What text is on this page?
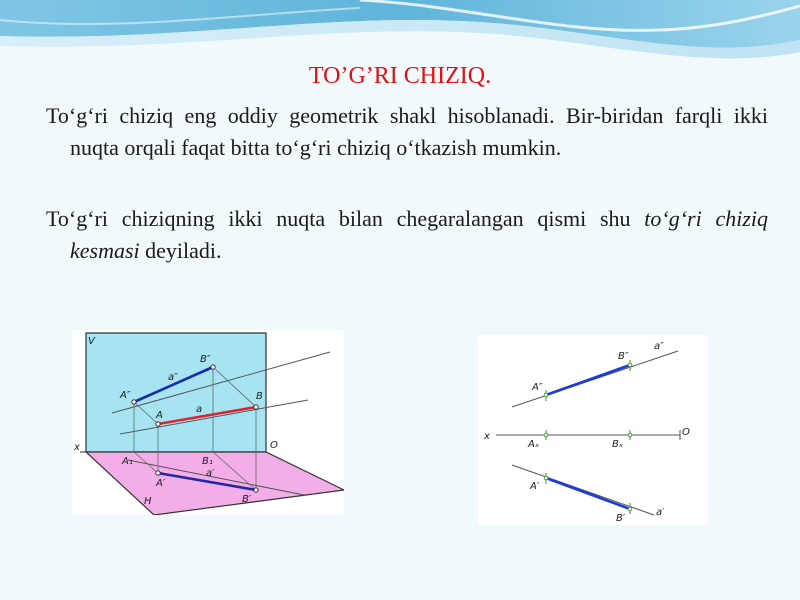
TO’G’RI CHIZIQ.

To‘g‘ri chiziq eng oddiy geometrik shakl hisoblanadi. Bir-biridan farqli ikki nuqta orqali faqat bitta to‘g‘ri chiziq o‘tkazish mumkin.

To‘g‘ri chiziqning ikki nuqta bilan chegaralangan qismi shu to‘g‘ri chiziq kesmasi deyiladi.

V
x	O
H
A″
B″
a″
A
B
a
A₁	B₁
A′
B′
a′
a″
B″
A″
x	O
Aₓ	Bₓ
A′
B′
a′
